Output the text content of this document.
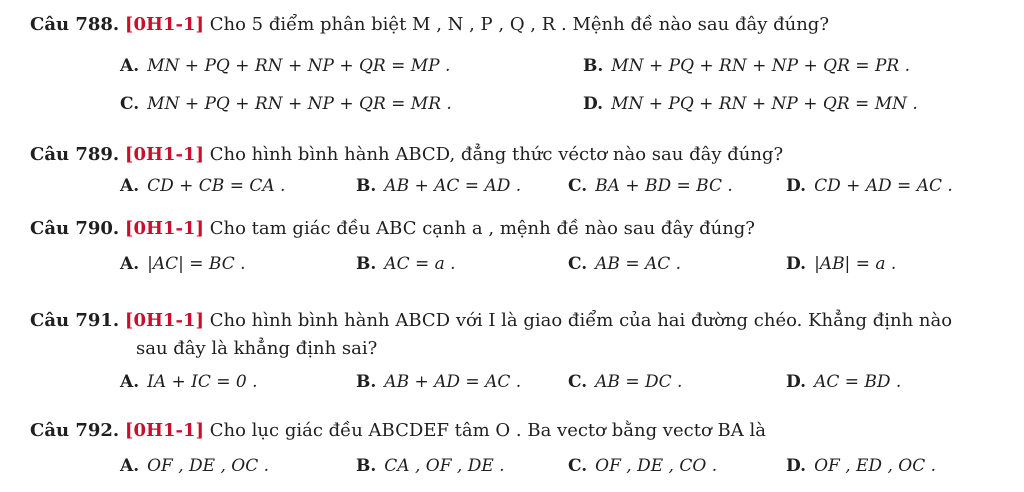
Câu 788. [0H1-1] Cho 5 điểm phân biệt M , N , P , Q , R . Mệnh đề nào sau đây đúng?
A. MN + PQ + RN + NP + QR = MP .	B. MN + PQ + RN + NP + QR = PR .
C. MN + PQ + RN + NP + QR = MR .	D. MN + PQ + RN + NP + QR = MN .
Câu 789. [0H1-1] Cho hình bình hành ABCD, đẳng thức véctơ nào sau đây đúng?
A. CD + CB = CA .	B. AB + AC = AD .	C. BA + BD = BC .	D. CD + AD = AC .
Câu 790. [0H1-1] Cho tam giác đều ABC cạnh a , mệnh đề nào sau đây đúng?
A. |AC| = BC .	B. AC = a .	C. AB = AC .	D. |AB| = a .
Câu 791. [0H1-1] Cho hình bình hành ABCD với I là giao điểm của hai đường chéo. Khẳng định nào
sau đây là khẳng định sai?
A. IA + IC = 0 .	B. AB + AD = AC .	C. AB = DC .	D. AC = BD .
Câu 792. [0H1-1] Cho lục giác đều ABCDEF tâm O . Ba vectơ bằng vectơ BA là
A. OF , DE , OC .	B. CA , OF , DE .	C. OF , DE , CO .	D. OF , ED , OC .
